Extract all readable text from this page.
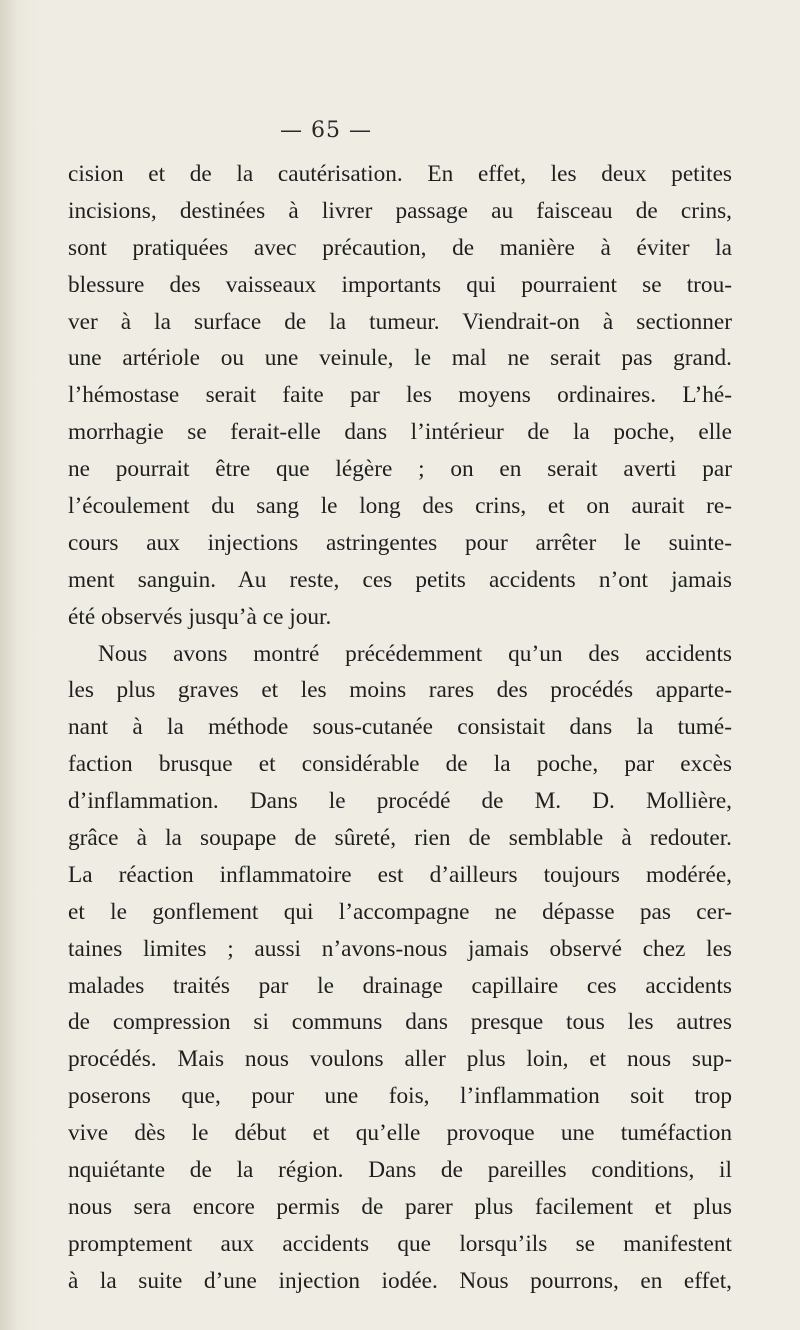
— 65 —
cision et de la cautérisation. En effet, les deux petites
incisions, destinées à livrer passage au faisceau de crins,
sont pratiquées avec précaution, de manière à éviter la
blessure des vaisseaux importants qui pourraient se trou-
ver à la surface de la tumeur. Viendrait-on à sectionner
une artériole ou une veinule, le mal ne serait pas grand.
l’hémostase serait faite par les moyens ordinaires. L’hé-
morrhagie se ferait-elle dans l’intérieur de la poche, elle
ne pourrait être que légère ; on en serait averti par
l’écoulement du sang le long des crins, et on aurait re-
cours aux injections astringentes pour arrêter le suinte-
ment sanguin. Au reste, ces petits accidents n’ont jamais
été observés jusqu’à ce jour.
Nous avons montré précédemment qu’un des accidents
les plus graves et les moins rares des procédés apparte-
nant à la méthode sous-cutanée consistait dans la tumé-
faction brusque et considérable de la poche, par excès
d’inflammation. Dans le procédé de M. D. Mollière,
grâce à la soupape de sûreté, rien de semblable à redouter.
La réaction inflammatoire est d’ailleurs toujours modérée,
et le gonflement qui l’accompagne ne dépasse pas cer-
taines limites ; aussi n’avons-nous jamais observé chez les
malades traités par le drainage capillaire ces accidents
de compression si communs dans presque tous les autres
procédés. Mais nous voulons aller plus loin, et nous sup-
poserons que, pour une fois, l’inflammation soit trop
vive dès le début et qu’elle provoque une tuméfaction
nquiétante de la région. Dans de pareilles conditions, il
nous sera encore permis de parer plus facilement et plus
promptement aux accidents que lorsqu’ils se manifestent
à la suite d’une injection iodée. Nous pourrons, en effet,
